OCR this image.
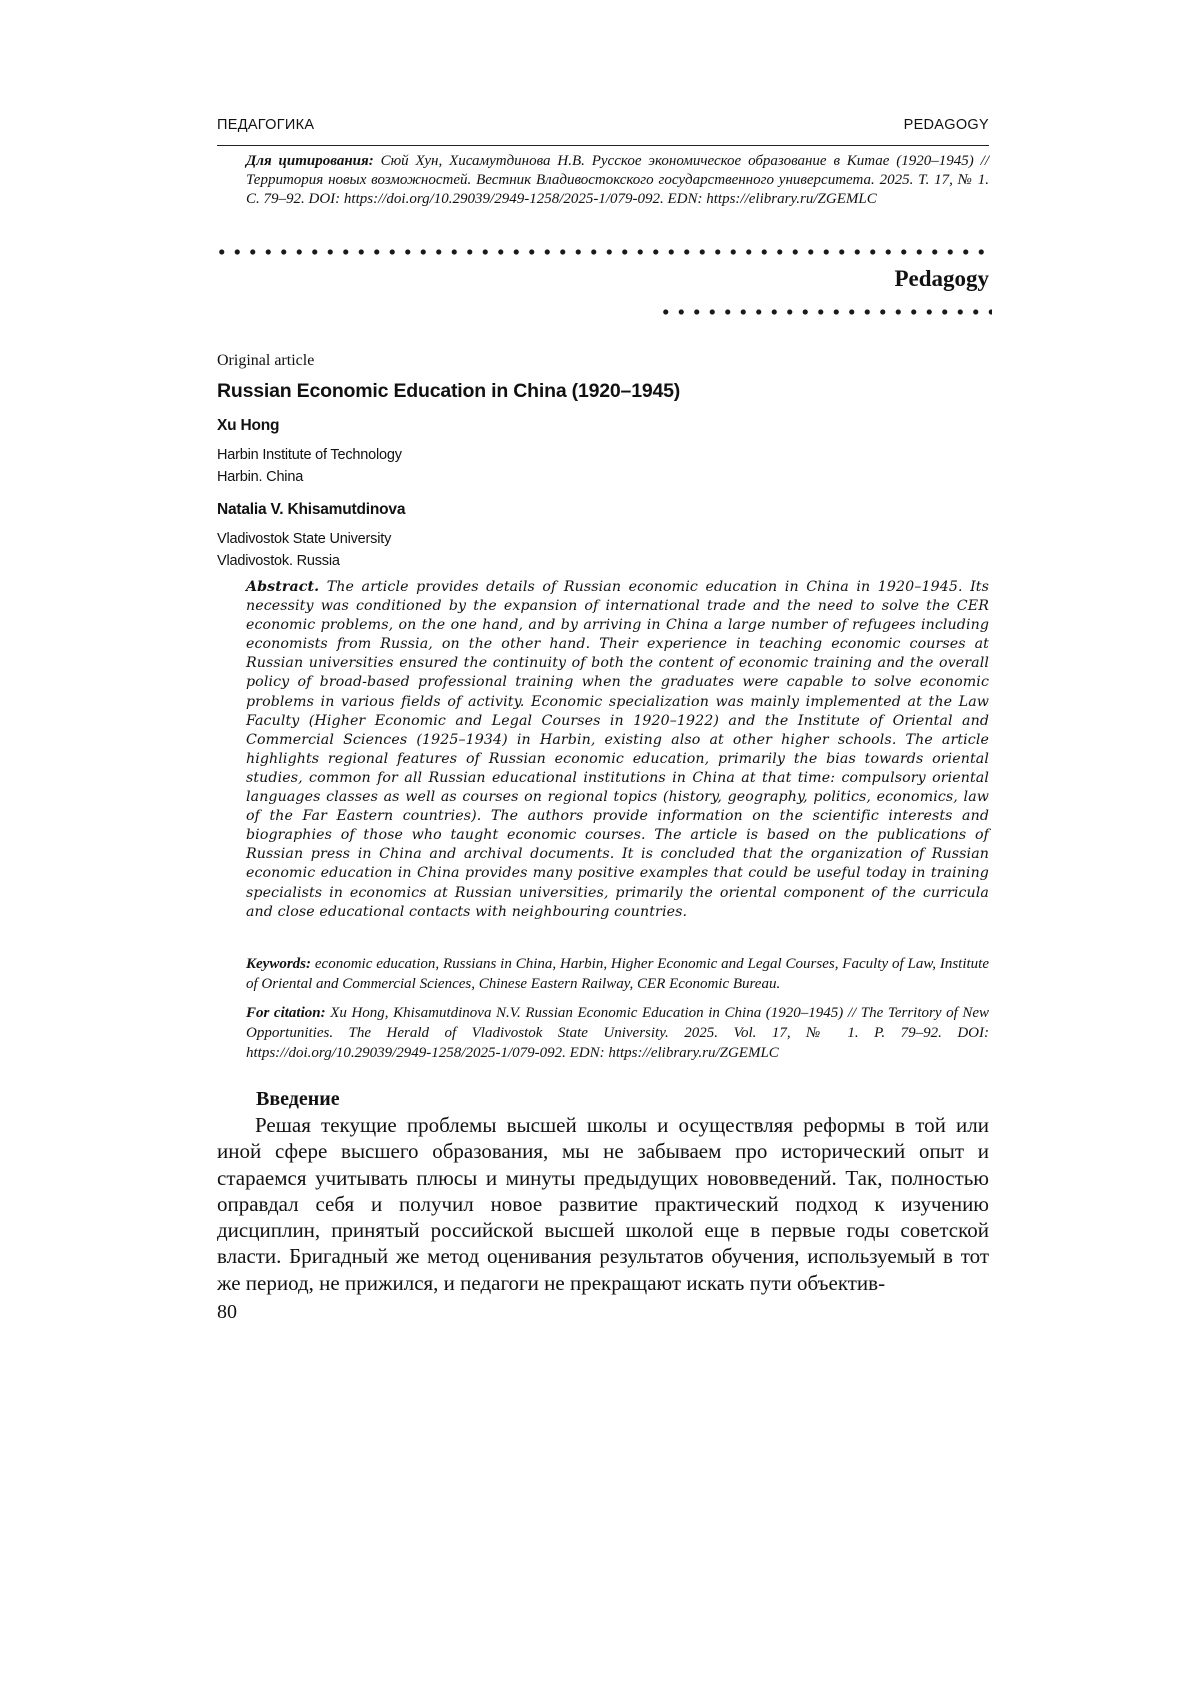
ПЕДАГОГИКА	PEDAGOGY
Для цитирования: Сюй Хун, Хисамутдинова Н.В. Русское экономическое образование в Китае (1920–1945) // Территория новых возможностей. Вестник Владивостокского государственного университета. 2025. Т. 17, № 1. С. 79–92. DOI: https://doi.org/10.29039/2949-1258/2025-1/079-092. EDN: https://elibrary.ru/ZGEMLC
Pedagogy
Original article
Russian Economic Education in China (1920–1945)
Xu Hong
Harbin Institute of Technology
Harbin. China
Natalia V. Khisamutdinova
Vladivostok State University
Vladivostok. Russia
Abstract. The article provides details of Russian economic education in China in 1920–1945. Its necessity was conditioned by the expansion of international trade and the need to solve the CER economic problems, on the one hand, and by arriving in China a large number of refugees including economists from Russia, on the other hand. Their experience in teaching economic courses at Russian universities ensured the continuity of both the content of economic training and the overall policy of broad-based professional training when the graduates were capable to solve economic problems in various fields of activity. Economic specialization was mainly implemented at the Law Faculty (Higher Economic and Legal Courses in 1920–1922) and the Institute of Oriental and Commercial Sciences (1925–1934) in Harbin, existing also at other higher schools. The article highlights regional features of Russian economic education, primarily the bias towards oriental studies, common for all Russian educational institutions in China at that time: compulsory oriental languages classes as well as courses on regional topics (history, geography, politics, economics, law of the Far Eastern countries). The authors provide information on the scientific interests and biographies of those who taught economic courses. The article is based on the publications of Russian press in China and archival documents. It is concluded that the organization of Russian economic education in China provides many positive examples that could be useful today in training specialists in economics at Russian universities, primarily the oriental component of the curricula and close educational contacts with neighbouring countries.
Keywords: economic education, Russians in China, Harbin, Higher Economic and Legal Courses, Faculty of Law, Institute of Oriental and Commercial Sciences, Chinese Eastern Railway, CER Economic Bureau.
For citation: Xu Hong, Khisamutdinova N.V. Russian Economic Education in China (1920–1945) // The Territory of New Opportunities. The Herald of Vladivostok State University. 2025. Vol. 17, № 1. P. 79–92. DOI: https://doi.org/10.29039/2949-1258/2025-1/079-092. EDN: https://elibrary.ru/ZGEMLC
Введение

Решая текущие проблемы высшей школы и осуществляя реформы в той или иной сфере высшего образования, мы не забываем про исторический опыт и стараемся учитывать плюсы и минуты предыдущих нововведений. Так, полностью оправдал себя и получил новое развитие практический подход к изучению дисциплин, принятый российской высшей школой еще в первые годы советской власти. Бригадный же метод оценивания результатов обучения, используемый в тот же период, не прижился, и педагоги не прекращают искать пути объектив-

80
